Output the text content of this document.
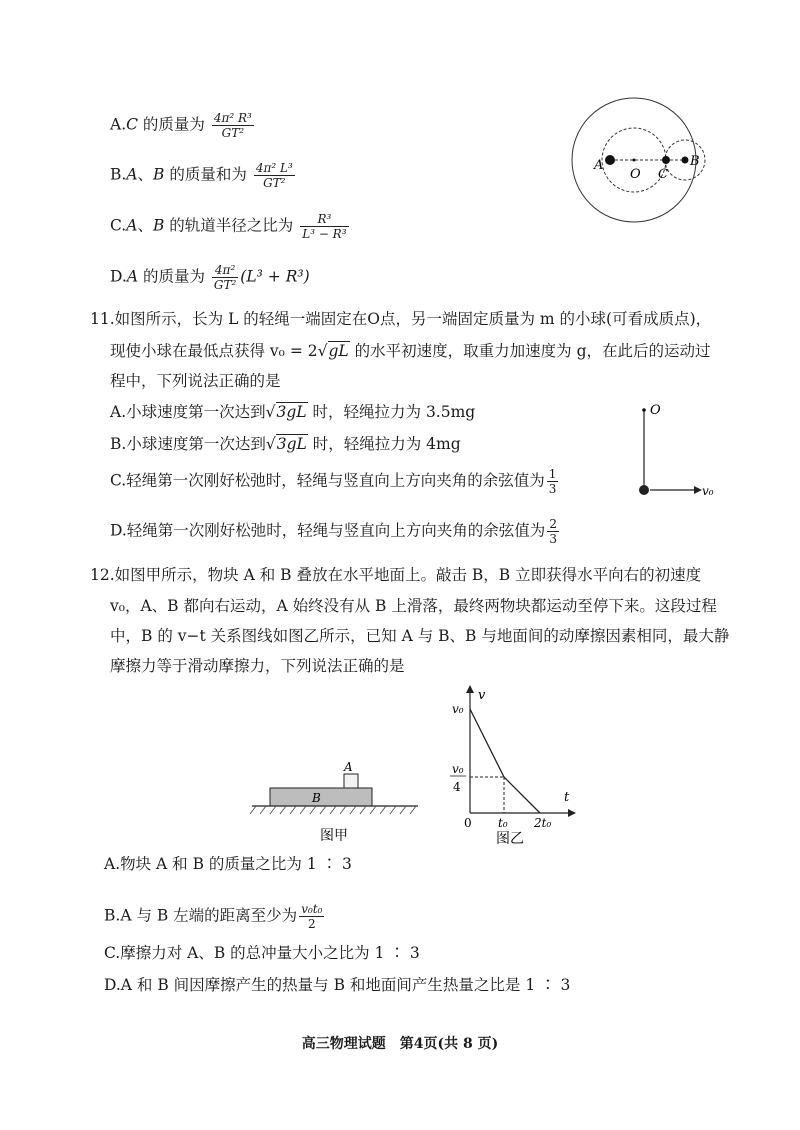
A.C 的质量为 $\frac{\text{4π² R³}}{\text{GT²}}$
B.A、B 的质量和为 $\frac{\text{4π² L³}}{\text{GT²}}$
C.A、B 的轨道半径之比为 $\frac{\text{R³}}{\text{L³ − R³}}$
D.A 的质量为 $\frac{\text{4π²}}{\text{GT²}} (L^3 + R^3)$
A
O C
B
11.如图所示，长为 L 的轻绳一端固定在O点，另一端固定质量为 m 的小球(可看成质点)，
现使小球在最低点获得 v₀ = 2√gL 的水平初速度，取重力加速度为 g，在此后的运动过
程中，下列说法正确的是
A.小球速度第一次达到√3gL 时，轻绳拉力为 3.5mg
B.小球速度第一次达到√3gL 时，轻绳拉力为 4mg
C.轻绳第一次刚好松弛时，轻绳与竖直向上方向夹角的余弦值为 $\frac{1}{3}$
D.轻绳第一次刚好松弛时，轻绳与竖直向上方向夹角的余弦值为 $\frac{2}{3}$
O
v₀
12.如图甲所示，物块 A 和 B 叠放在水平地面上。敲击 B，B 立即获得水平向右的初速度
v₀，A、B 都向右运动，A 始终没有从 B 上滑落，最终两物块都运动至停下来。这段过程
中，B 的 v−t 关系图线如图乙所示，已知 A 与 B、B 与地面间的动摩擦因素相同，最大静
摩擦力等于滑动摩擦力，下列说法正确的是
A
B
图甲
v
t
v₀
v₀
4
0 t₀ 2t₀
图乙
A.物块 A 和 B 的质量之比为 1 ∶ 3
B.A 与 B 左端的距离至少为 $\frac{\text{v₀t₀}}{2}$
C.摩擦力对 A、B 的总冲量大小之比为 1 ∶ 3
D.A 和 B 间因摩擦产生的热量与 B 和地面间产生热量之比是 1 ∶ 3
高三物理试题　第4页(共 8 页)
